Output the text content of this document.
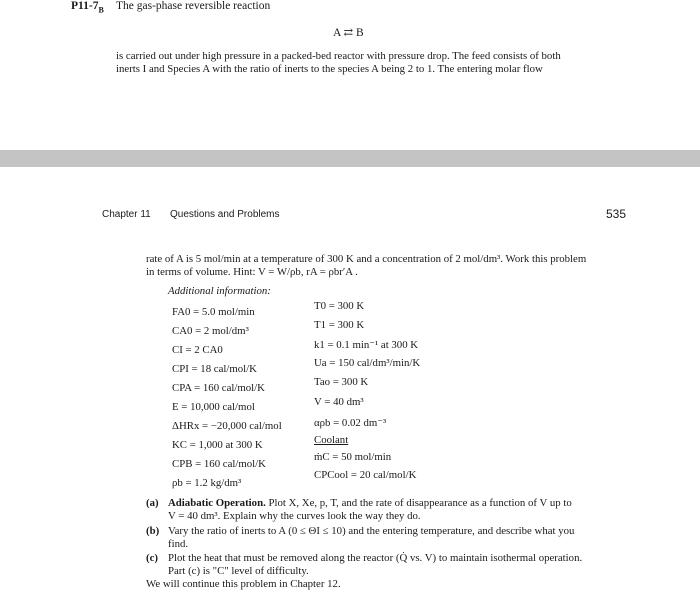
$P11-7_B$ The gas-phase reversible reaction
A ⇄ B
is carried out under high pressure in a packed-bed reactor with pressure drop. The feed consists of both
inerts I and Species A with the ratio of inerts to the species A being 2 to 1. The entering molar flow
Chapter 11 Questions and Problems	535
rate of A is 5 mol/min at a temperature of 300 K and a concentration of 2 mol/dm³. Work this problem
in terms of volume. Hint: V = W/ρb, rA = ρbr′A .
Additional information:
FA0 = 5.0 mol/min
CA0 = 2 mol/dm³
CI = 2 CA0
CPI = 18 cal/mol/K
CPA = 160 cal/mol/K
E = 10,000 cal/mol
ΔHRx = −20,000 cal/mol
KC = 1,000 at 300 K
CPB = 160 cal/mol/K
ρb = 1.2 kg/dm³
T0 = 300 K
T1 = 300 K
k1 = 0.1 min⁻¹ at 300 K
Ua = 150 cal/dm³/min/K
Tao = 300 K
V = 40 dm³
αρb = 0.02 dm⁻³
Coolant
ṁC = 50 mol/min
CPCool = 20 cal/mol/K
(a) Adiabatic Operation. Plot X, Xe, p, T, and the rate of disappearance as a function of V up to
V = 40 dm³. Explain why the curves look the way they do.
(b) Vary the ratio of inerts to A (0 ≤ ΘI ≤ 10) and the entering temperature, and describe what you
find.
(c) Plot the heat that must be removed along the reactor (Q̇ vs. V) to maintain isothermal operation.
Part (c) is "C" level of difficulty.
We will continue this problem in Chapter 12.
